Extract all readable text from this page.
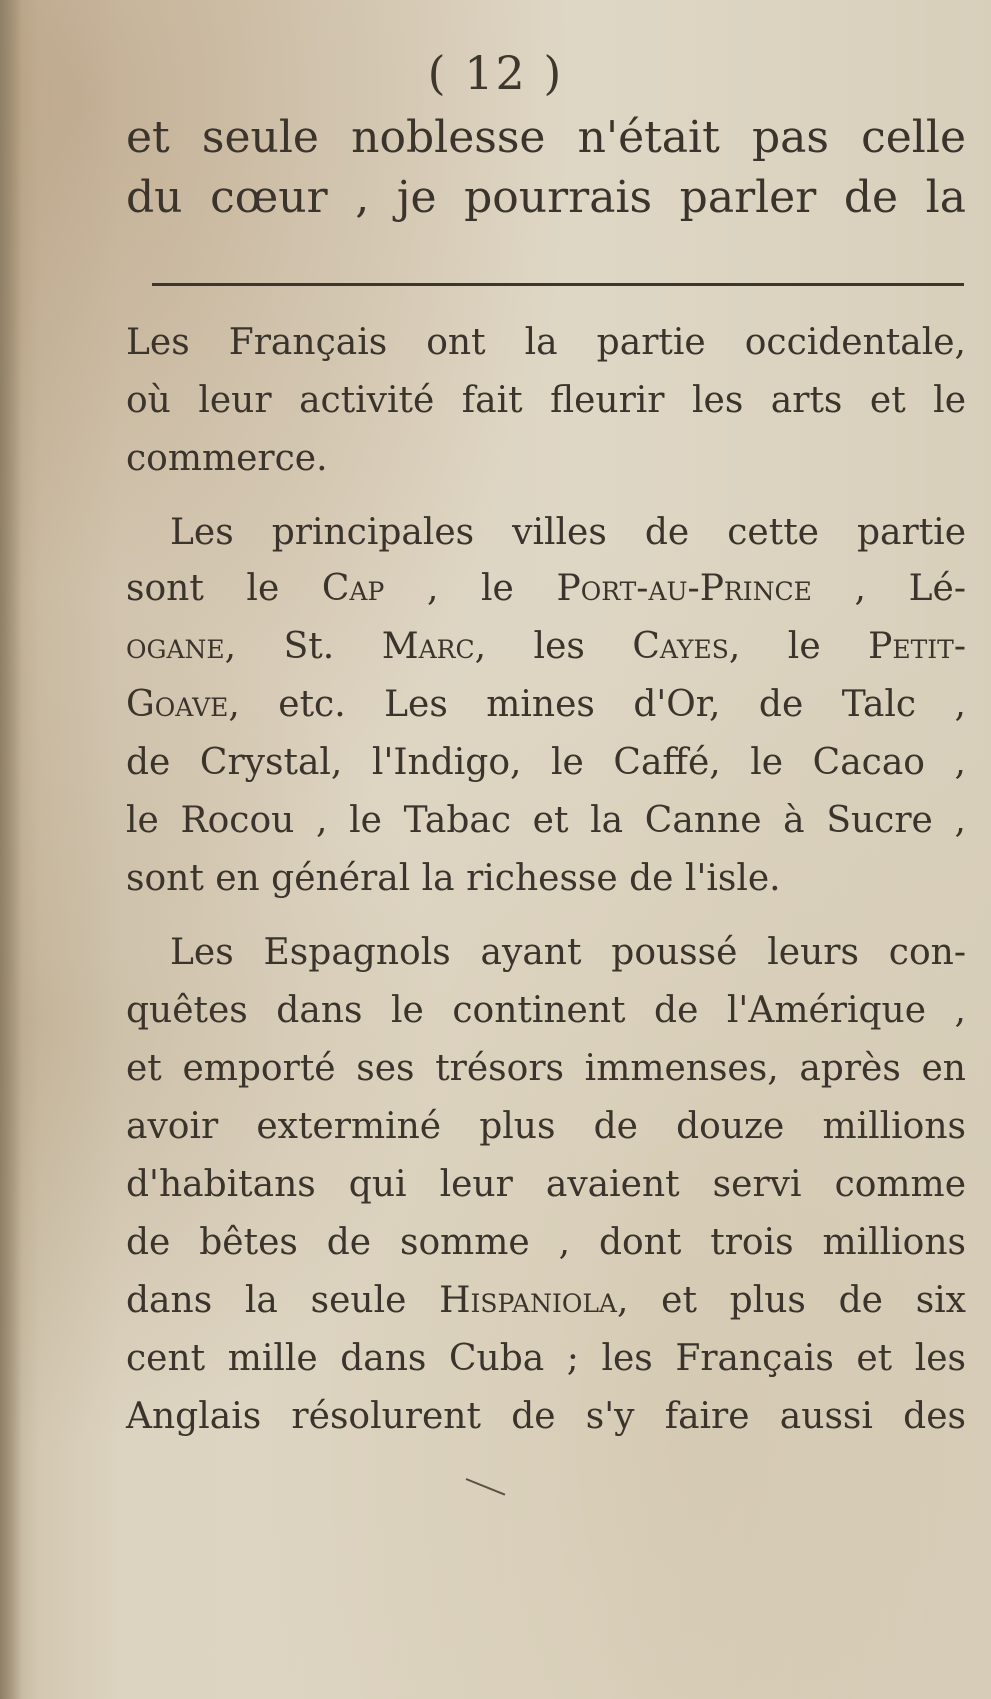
( 12 )
et seule noblesse n'était pas celle
du cœur , je pourrais parler de la
Les Français ont la partie occidentale,
où leur activité fait fleurir les arts et le
commerce.
Les principales villes de cette partie
sont le Cap , le Port-au-Prince , Lé-
ogane, St. Marc, les Cayes, le Petit-
Goave, etc. Les mines d'Or, de Talc ,
de Crystal, l'Indigo, le Caffé, le Cacao ,
le Rocou , le Tabac et la Canne à Sucre ,
sont en général la richesse de l'isle.
Les Espagnols ayant poussé leurs con-
quêtes dans le continent de l'Amérique ,
et emporté ses trésors immenses, après en
avoir exterminé plus de douze millions
d'habitans qui leur avaient servi comme
de bêtes de somme , dont trois millions
dans la seule Hispaniola, et plus de six
cent mille dans Cuba ; les Français et les
Anglais résolurent de s'y faire aussi des
